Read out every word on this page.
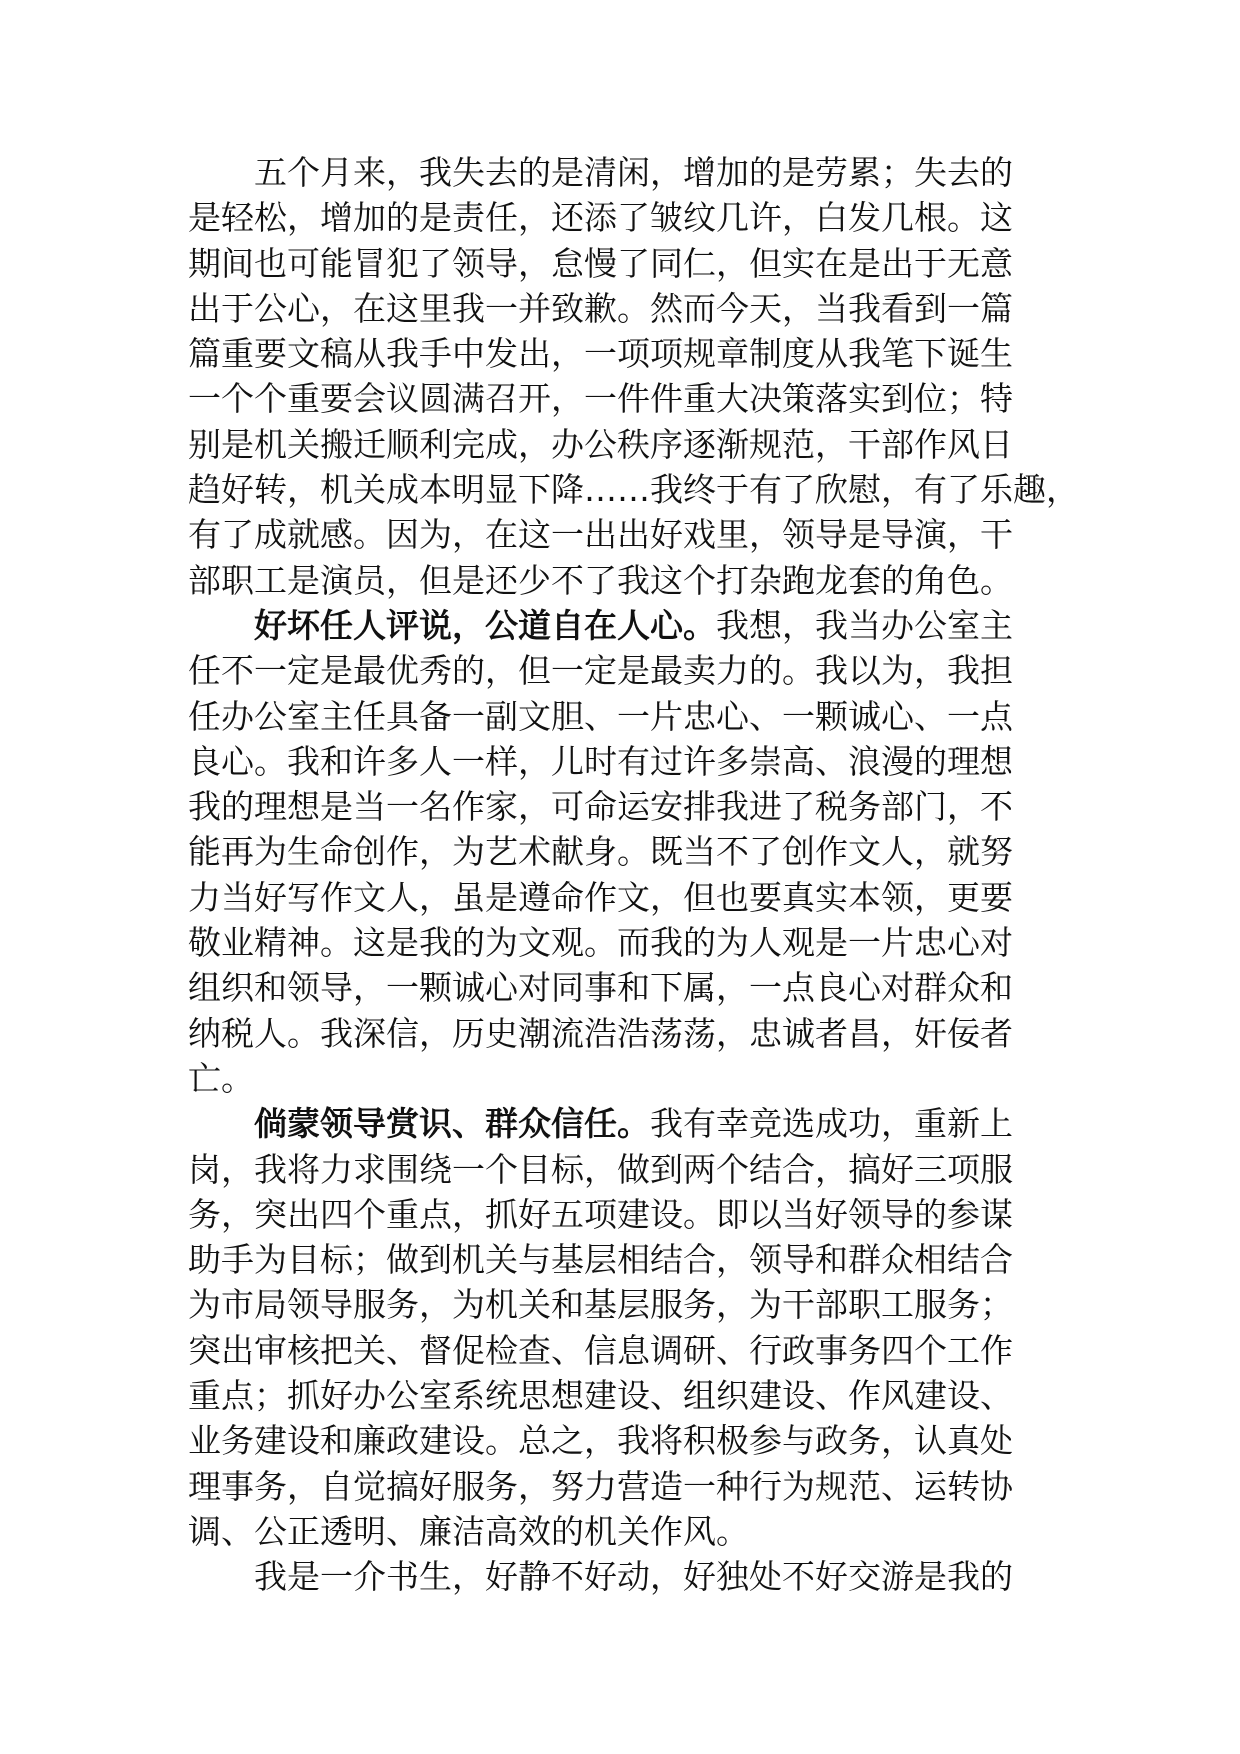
五个月来，我失去的是清闲，增加的是劳累；失去的
是轻松，增加的是责任，还添了皱纹几许，白发几根。这
期间也可能冒犯了领导，怠慢了同仁，但实在是出于无意
出于公心，在这里我一并致歉。然而今天，当我看到一篇
篇重要文稿从我手中发出，一项项规章制度从我笔下诞生
一个个重要会议圆满召开，一件件重大决策落实到位；特
别是机关搬迁顺利完成，办公秩序逐渐规范，干部作风日
趋好转，机关成本明显下降……我终于有了欣慰，有了乐趣，
有了成就感。因为，在这一出出好戏里，领导是导演，干
部职工是演员，但是还少不了我这个打杂跑龙套的角色。
好坏任人评说，公道自在人心。我想，我当办公室主
任不一定是最优秀的，但一定是最卖力的。我以为，我担
任办公室主任具备一副文胆、一片忠心、一颗诚心、一点
良心。我和许多人一样，儿时有过许多崇高、浪漫的理想
我的理想是当一名作家，可命运安排我进了税务部门，不
能再为生命创作，为艺术献身。既当不了创作文人，就努
力当好写作文人，虽是遵命作文，但也要真实本领，更要
敬业精神。这是我的为文观。而我的为人观是一片忠心对
组织和领导，一颗诚心对同事和下属，一点良心对群众和
纳税人。我深信，历史潮流浩浩荡荡，忠诚者昌，奸佞者
亡。
倘蒙领导赏识、群众信任。我有幸竞选成功，重新上
岗，我将力求围绕一个目标，做到两个结合，搞好三项服
务，突出四个重点，抓好五项建设。即以当好领导的参谋
助手为目标；做到机关与基层相结合，领导和群众相结合
为市局领导服务，为机关和基层服务，为干部职工服务；
突出审核把关、督促检查、信息调研、行政事务四个工作
重点；抓好办公室系统思想建设、组织建设、作风建设、
业务建设和廉政建设。总之，我将积极参与政务，认真处
理事务，自觉搞好服务，努力营造一种行为规范、运转协
调、公正透明、廉洁高效的机关作风。
我是一介书生，好静不好动，好独处不好交游是我的
